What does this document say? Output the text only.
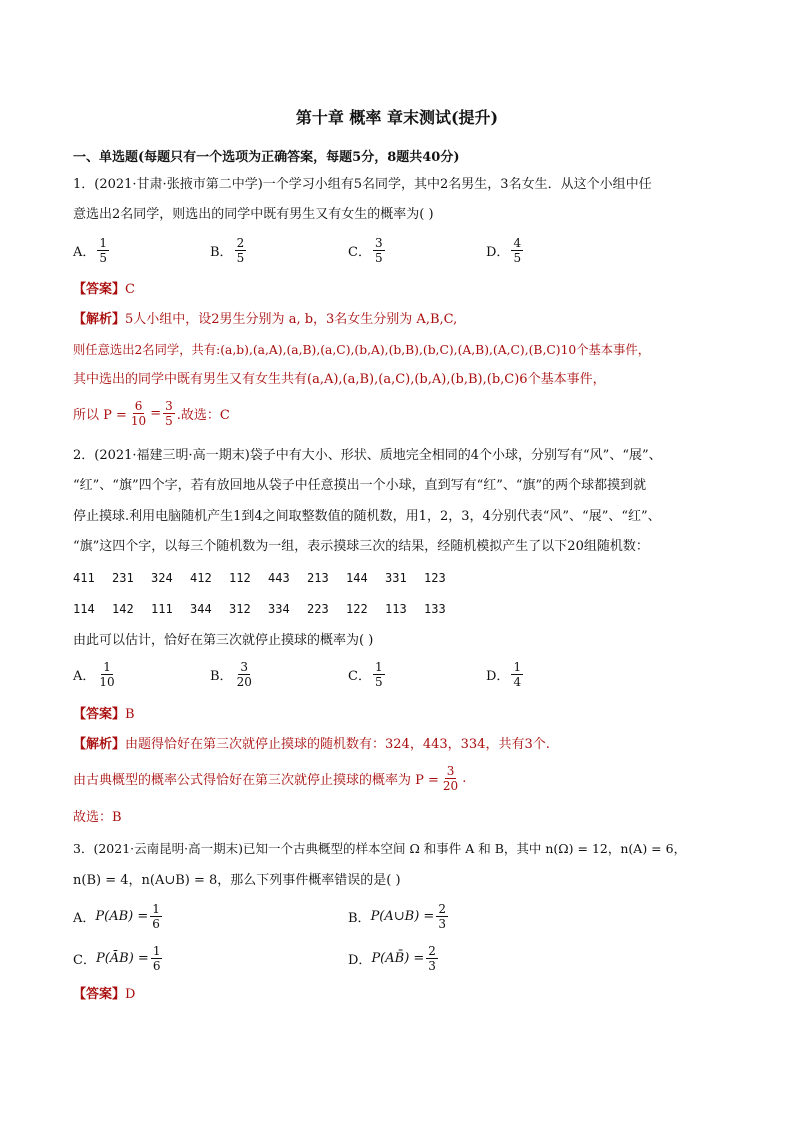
第十章 概率 章末测试(提升)
一、单选题(每题只有一个选项为正确答案，每题5分，8题共40分)
1．(2021·甘肃·张掖市第二中学)一个学习小组有5名同学，其中2名男生，3名女生．从这个小组中任
意选出2名同学，则选出的同学中既有男生又有女生的概率为( )
A． $\frac{1}{5}$	B． $\frac{2}{5}$	C． $\frac{3}{5}$	D． $\frac{4}{5}$
【答案】C
【解析】5人小组中，设2男生分别为 a, b，3名女生分别为 A,B,C,
则任意选出2名同学，共有:(a,b),(a,A),(a,B),(a,C),(b,A),(b,B),(b,C),(A,B),(A,C),(B,C)10个基本事件，
其中选出的同学中既有男生又有女生共有(a,A),(a,B),(a,C),(b,A),(b,B),(b,C)6个基本事件，
所以 $P = \frac{6}{10} = \frac{3}{5}$ .故选：C
2．(2021·福建三明·高一期末)袋子中有大小、形状、质地完全相同的4个小球，分别写有“风”、“展”、
“红”、“旗”四个字，若有放回地从袋子中任意摸出一个小球，直到写有“红”、“旗”的两个球都摸到就
停止摸球.利用电脑随机产生1到4之间取整数值的随机数，用1，2，3，4分别代表“风”、“展”、“红”、
“旗”这四个字，以每三个随机数为一组，表示摸球三次的结果，经随机模拟产生了以下20组随机数：
411	231	324	412	112	443	213	144	331	123
114	142	111	344	312	334	223	122	113	133
由此可以估计，恰好在第三次就停止摸球的概率为( )
A． $\frac{1}{10}$	B． $\frac{3}{20}$	C． $\frac{1}{5}$	D． $\frac{1}{4}$
【答案】B
【解析】由题得恰好在第三次就停止摸球的随机数有：324，443，334，共有3个.
由古典概型的概率公式得恰好在第三次就停止摸球的概率为 $P = \frac{3}{20}$ .
故选：B
3．(2021·云南昆明·高一期末)已知一个古典概型的样本空间 Ω 和事件 A 和 B，其中 n(Ω) = 12，n(A) = 6，
n(B) = 4，n(A∪B) = 8，那么下列事件概率错误的是( )
A． $P(AB) = \frac{1}{6}$	B． P(A∪B) = $\frac{2}{3}$
C． P(ĀB) = $\frac{1}{6}$	D． P(AB̄) = $\frac{2}{3}$
【答案】D
